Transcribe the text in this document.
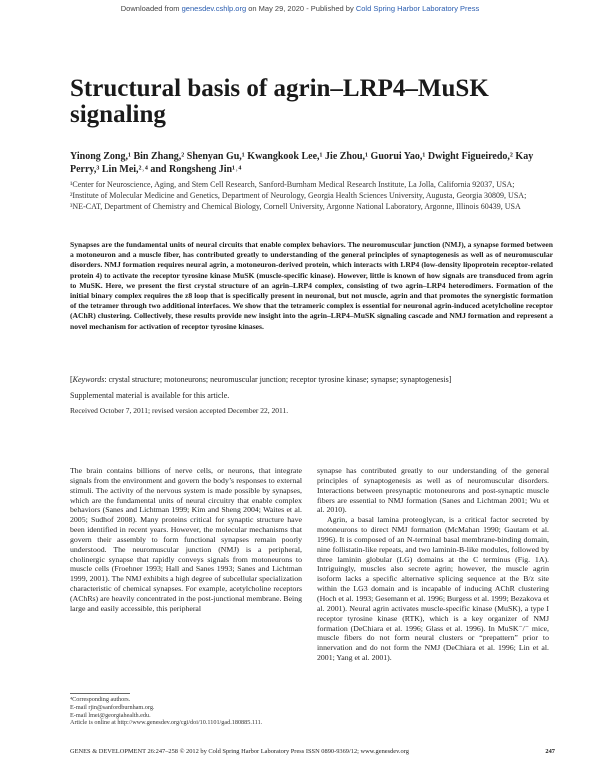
Downloaded from genesdev.cshlp.org on May 29, 2020 - Published by Cold Spring Harbor Laboratory Press
Structural basis of agrin–LRP4–MuSK signaling
Yinong Zong,¹ Bin Zhang,² Shenyan Gu,¹ Kwangkook Lee,¹ Jie Zhou,¹ Guorui Yao,¹ Dwight Figueiredo,² Kay Perry,³ Lin Mei,²˒⁴ and Rongsheng Jin¹˒⁴
¹Center for Neuroscience, Aging, and Stem Cell Research, Sanford-Burnham Medical Research Institute, La Jolla, California 92037, USA; ²Institute of Molecular Medicine and Genetics, Department of Neurology, Georgia Health Sciences University, Augusta, Georgia 30809, USA; ³NE-CAT, Department of Chemistry and Chemical Biology, Cornell University, Argonne National Laboratory, Argonne, Illinois 60439, USA
Synapses are the fundamental units of neural circuits that enable complex behaviors. The neuromuscular junction (NMJ), a synapse formed between a motoneuron and a muscle fiber, has contributed greatly to understanding of the general principles of synaptogenesis as well as of neuromuscular disorders. NMJ formation requires neural agrin, a motoneuron-derived protein, which interacts with LRP4 (low-density lipoprotein receptor-related protein 4) to activate the receptor tyrosine kinase MuSK (muscle-specific kinase). However, little is known of how signals are transduced from agrin to MuSK. Here, we present the first crystal structure of an agrin–LRP4 complex, consisting of two agrin–LRP4 heterodimers. Formation of the initial binary complex requires the z8 loop that is specifically present in neuronal, but not muscle, agrin and that promotes the synergistic formation of the tetramer through two additional interfaces. We show that the tetrameric complex is essential for neuronal agrin-induced acetylcholine receptor (AChR) clustering. Collectively, these results provide new insight into the agrin–LRP4–MuSK signaling cascade and NMJ formation and represent a novel mechanism for activation of receptor tyrosine kinases.
[Keywords: crystal structure; motoneurons; neuromuscular junction; receptor tyrosine kinase; synapse; synaptogenesis]
Supplemental material is available for this article.
Received October 7, 2011; revised version accepted December 22, 2011.

The brain contains billions of nerve cells, or neurons, that integrate signals from the environment and govern the body’s responses to external stimuli. The activity of the nervous system is made possible by synapses, which are the fundamental units of neural circuitry that enable complex behaviors (Sanes and Lichtman 1999; Kim and Sheng 2004; Waites et al. 2005; Sudhof 2008). Many proteins critical for synaptic structure have been identified in recent years. However, the molecular mechanisms that govern their assembly to form functional synapses remain poorly understood. The neuromuscular junction (NMJ) is a peripheral, cholinergic synapse that rapidly conveys signals from motoneurons to muscle cells (Froehner 1993; Hall and Sanes 1993; Sanes and Lichtman 1999, 2001). The NMJ exhibits a high degree of subcellular specialization characteristic of chemical synapses. For example, acetylcholine receptors (AChRs) are heavily concentrated in the post-junctional membrane. Being large and easily accessible, this peripheral

synapse has contributed greatly to our understanding of the general principles of synaptogenesis as well as of neuromuscular disorders. Interactions between presynaptic motoneurons and post-synaptic muscle fibers are essential to NMJ formation (Sanes and Lichtman 2001; Wu et al. 2010).

Agrin, a basal lamina proteoglycan, is a critical factor secreted by motoneurons to direct NMJ formation (McMahan 1990; Gautam et al. 1996). It is composed of an N-terminal basal membrane-binding domain, nine follistatin-like repeats, and two laminin-B-like modules, followed by three laminin globular (LG) domains at the C terminus (Fig. 1A). Intriguingly, muscles also secrete agrin; however, the muscle agrin isoform lacks a specific alternative splicing sequence at the B/z site within the LG3 domain and is incapable of inducing AChR clustering (Hoch et al. 1993; Gesemann et al. 1996; Burgess et al. 1999; Bezakova et al. 2001). Neural agrin activates muscle-specific kinase (MuSK), a type I receptor tyrosine kinase (RTK), which is a key organizer of NMJ formation (DeChiara et al. 1996; Glass et al. 1996). In MuSK⁻/⁻ mice, muscle fibers do not form neural clusters or “prepattern” prior to innervation and do not form the NMJ (DeChiara et al. 1996; Lin et al. 2001; Yang et al. 2001).

⁴Corresponding authors.
E-mail rjin@sanfordburnham.org.
E-mail lmei@georgiahealth.edu.
Article is online at http://www.genesdev.org/cgi/doi/10.1101/gad.180885.111.
GENES & DEVELOPMENT 26:247–258 © 2012 by Cold Spring Harbor Laboratory Press ISSN 0890-9369/12; www.genesdev.org	247
